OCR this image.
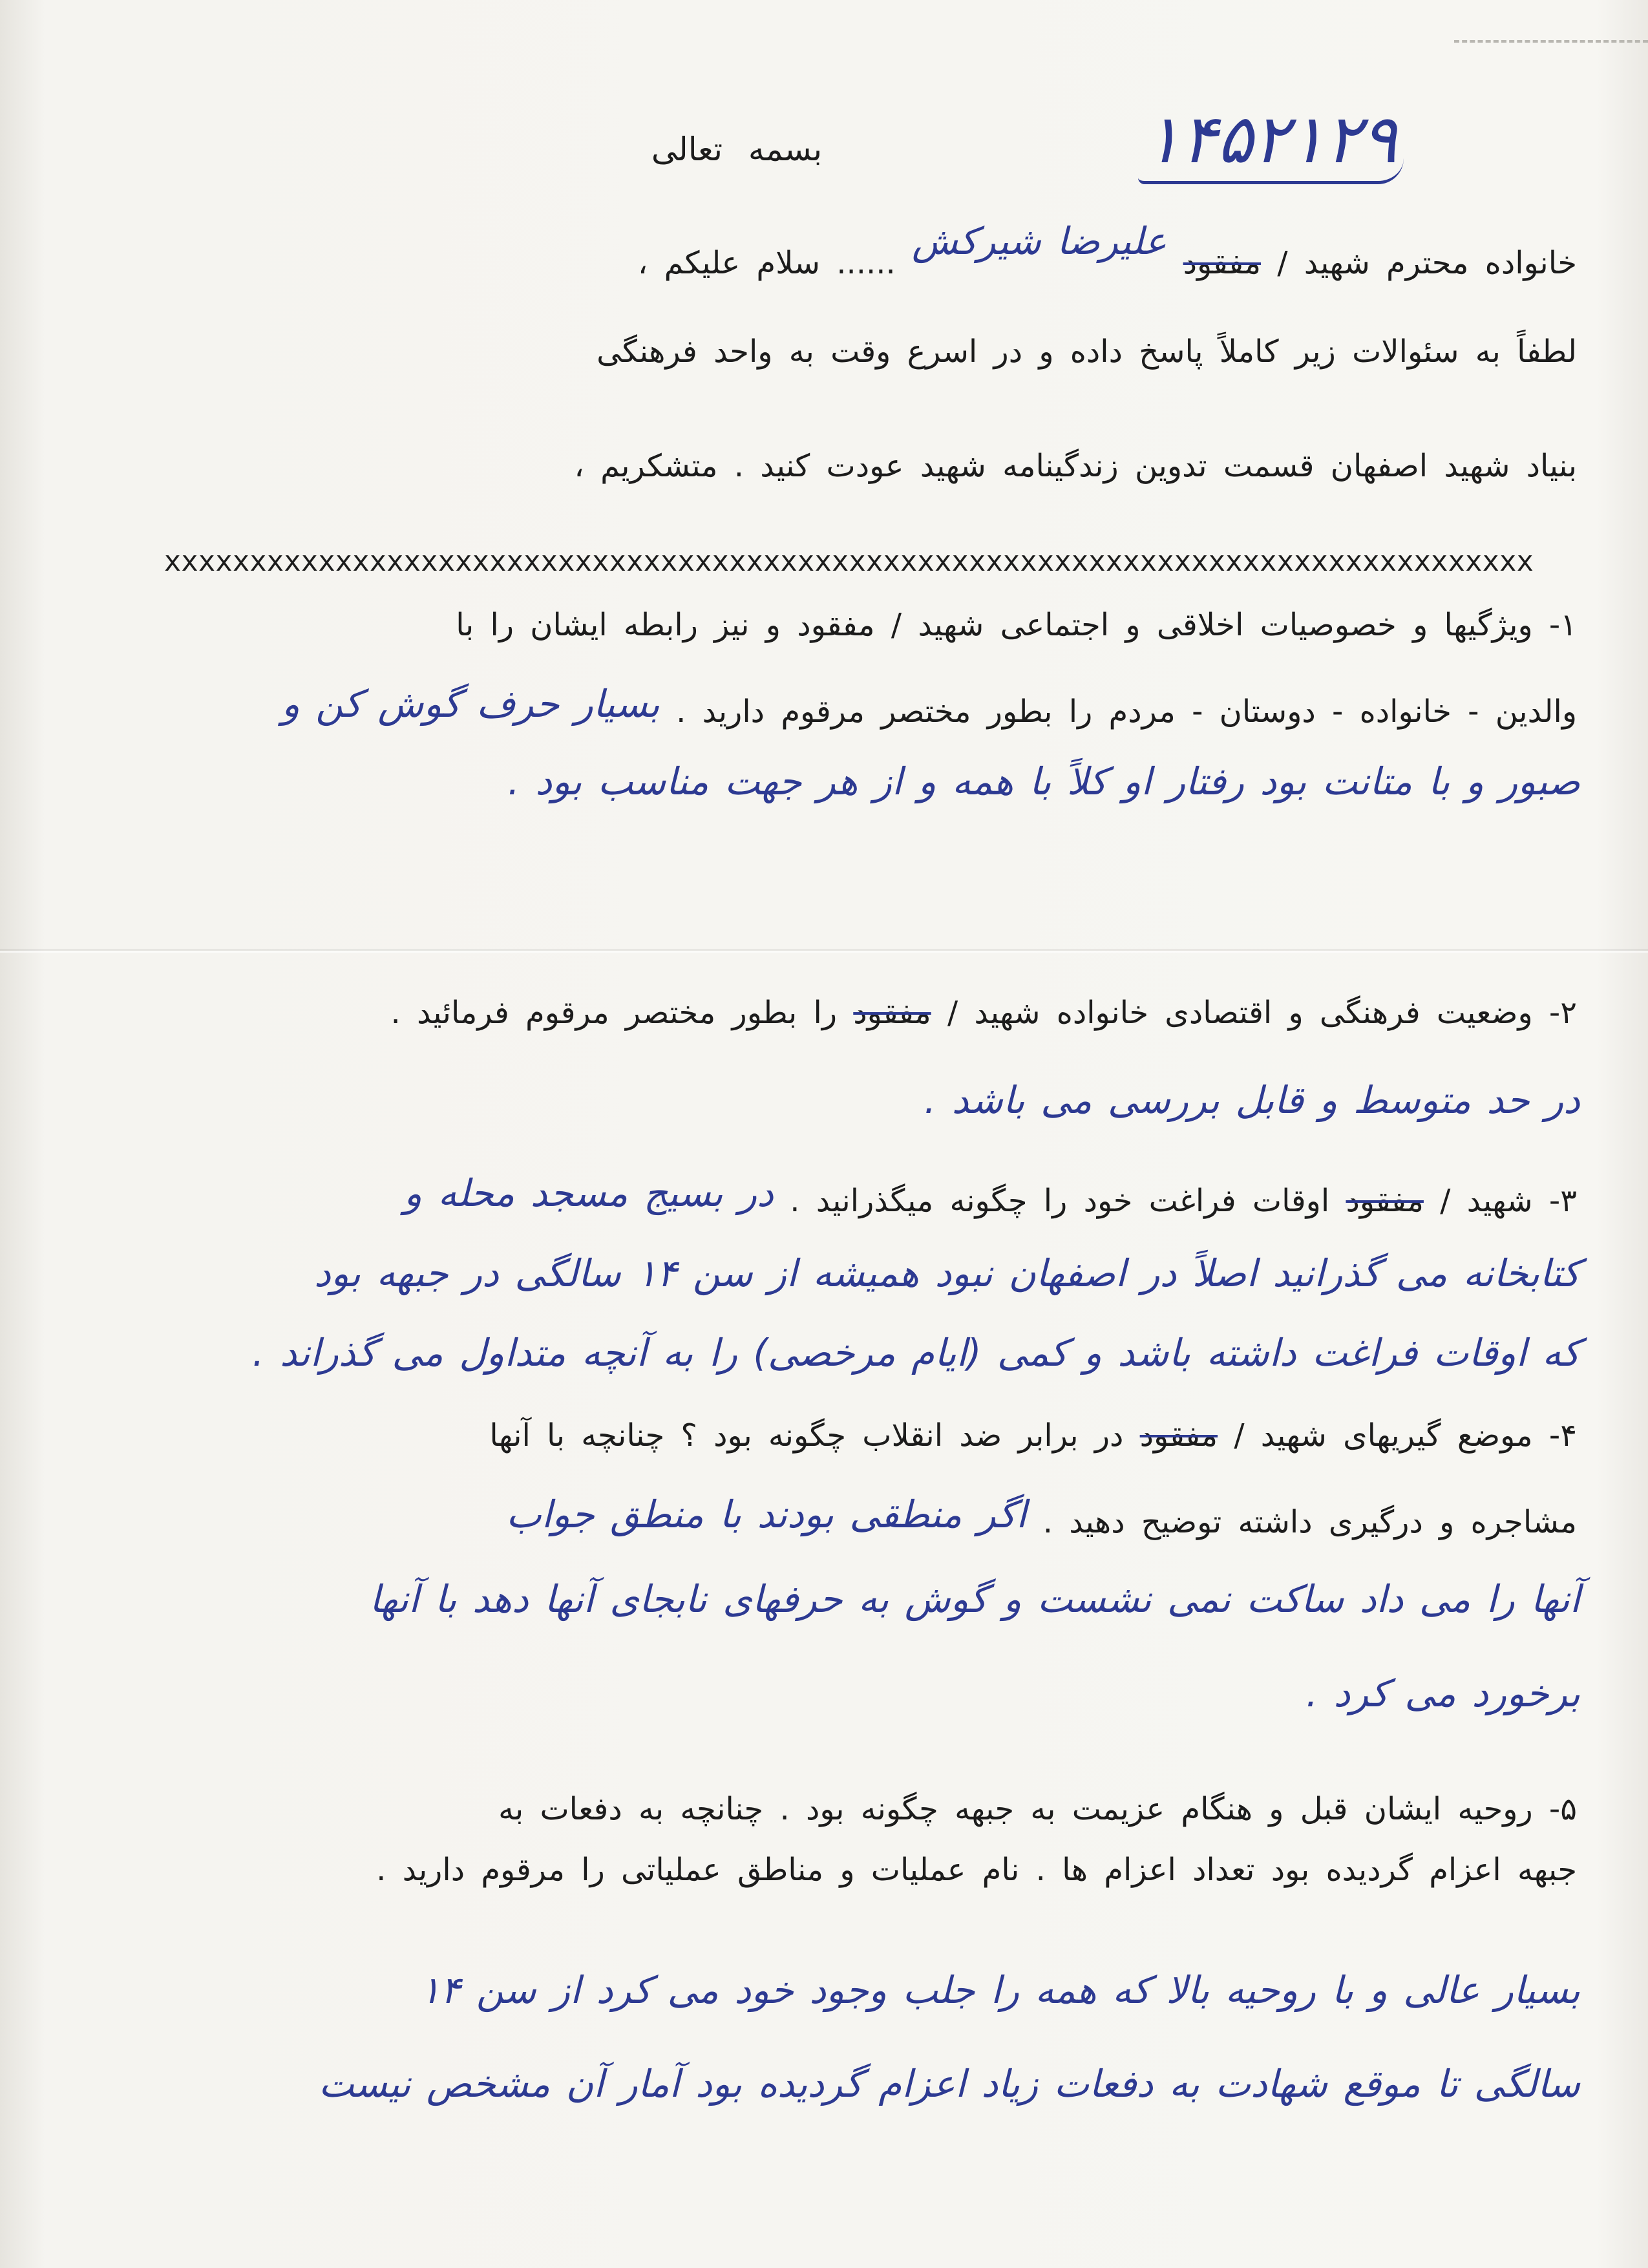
بسمه تعالی	۱۴۵۲۱۲۹
خانواده محترم شهید / مفقود علیرضا شیرکش ...... سلام علیکم ،
لطفاً به سئوالات زیر کاملاً پاسخ داده و در اسرع وقت به واحد فرهنگی
بنیاد شهید اصفهان قسمت تدوین زندگینامه شهید عودت کنید . متشکریم ،
xxxxxxxxxxxxxxxxxxxxxxxxxxxxxxxxxxxxxxxxxxxxxxxxxxxxxxxxxxxxxxxxxxxxxxxxxxxxxxxx
۱- ویژگیها و خصوصیات اخلاقی و اجتماعی شهید / مفقود و نیز رابطه ایشان را با
والدین - خانواده - دوستان - مردم را بطور مختصر مرقوم دارید . بسیار حرف گوش کن و
صبور و با متانت بود رفتار او کلاً با همه و از هر جهت مناسب بود .
۲- وضعیت فرهنگی و اقتصادی خانواده شهید / مفقود را بطور مختصر مرقوم فرمائید .
در حد متوسط و قابل بررسی می باشد .
۳- شهید / مفقود اوقات فراغت خود را چگونه میگذرانید . در بسیج مسجد محله و
کتابخانه می گذرانید اصلاً در اصفهان نبود همیشه از سن ۱۴ سالگی در جبهه بود
که اوقات فراغت داشته باشد و کمی (ایام مرخصی) را به آنچه متداول می گذراند .
۴- موضع گیریهای شهید / مفقود در برابر ضد انقلاب چگونه بود ؟ چنانچه با آنها
مشاجره و درگیری داشته توضیح دهید . اگر منطقی بودند با منطق جواب
آنها را می داد ساکت نمی نشست و گوش به حرفهای نابجای آنها دهد با آنها
برخورد می کرد .
۵- روحیه ایشان قبل و هنگام عزیمت به جبهه چگونه بود . چنانچه به دفعات به
جبهه اعزام گردیده بود تعداد اعزام ها . نام عملیات و مناطق عملیاتی را مرقوم دارید .
بسیار عالی و با روحیه بالا که همه را جلب وجود خود می کرد از سن ۱۴
سالگی تا موقع شهادت به دفعات زیاد اعزام گردیده بود آمار آن مشخص نیست
